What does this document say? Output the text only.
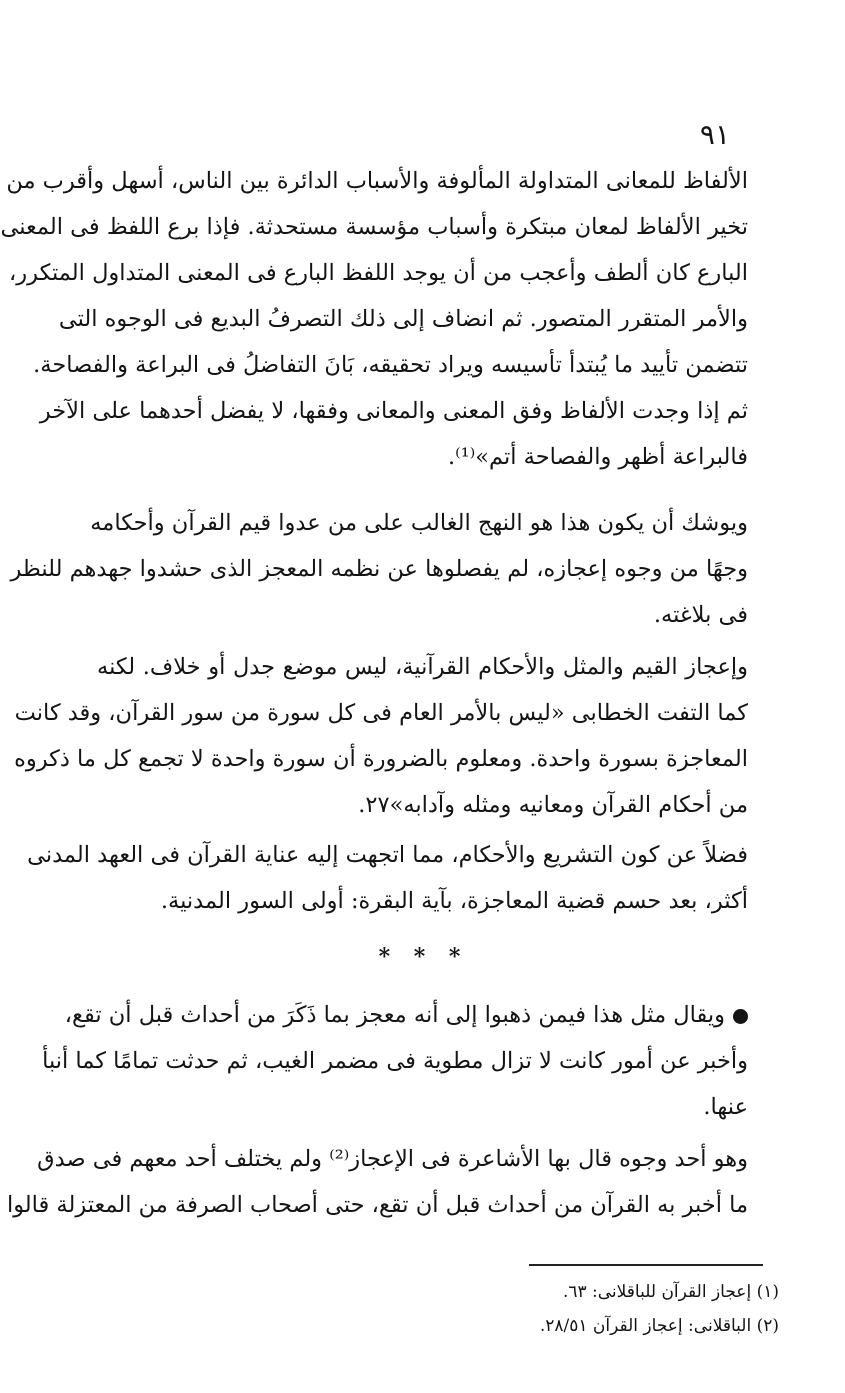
٩١
الألفاظ للمعانى المتداولة المألوفة والأسباب الدائرة بين الناس، أسهل وأقرب من
تخير الألفاظ لمعان مبتكرة وأسباب مؤسسة مستحدثة. فإذا برع اللفظ فى المعنى
البارع كان ألطف وأعجب من أن يوجد اللفظ البارع فى المعنى المتداول المتكرر،
والأمر المتقرر المتصور. ثم انضاف إلى ذلك التصرفُ البديع فى الوجوه التى
تتضمن تأييد ما يُبتدأ تأسيسه ويراد تحقيقه، بَانَ التفاضلُ فى البراعة والفصاحة.
ثم إذا وجدت الألفاظ وفق المعنى والمعانى وفقها، لا يفضل أحدهما على الآخر
فالبراعة أظهر والفصاحة أتم»⁽¹⁾.
ويوشك أن يكون هذا هو النهج الغالب على من عدوا قيم القرآن وأحكامه
وجهًا من وجوه إعجازه، لم يفصلوها عن نظمه المعجز الذى حشدوا جهدهم للنظر
فى بلاغته.
وإعجاز القيم والمثل والأحكام القرآنية، ليس موضع جدل أو خلاف. لكنه
كما التفت الخطابى «ليس بالأمر العام فى كل سورة من سور القرآن، وقد كانت
المعاجزة بسورة واحدة. ومعلوم بالضرورة أن سورة واحدة لا تجمع كل ما ذكروه
من أحكام القرآن ومعانيه ومثله وآدابه»٢٧.
فضلاً عن كون التشريع والأحكام، مما اتجهت إليه عناية القرآن فى العهد المدنى
أكثر، بعد حسم قضية المعاجزة، بآية البقرة: أولى السور المدنية.
* * *
ويقال مثل هذا فيمن ذهبوا إلى أنه معجز بما ذَكَرَ من أحداث قبل أن تقع،
وأخبر عن أمور كانت لا تزال مطوية فى مضمر الغيب، ثم حدثت تمامًا كما أنبأ
عنها.
وهو أحد وجوه قال بها الأشاعرة فى الإعجاز⁽²⁾ ولم يختلف أحد معهم فى صدق
ما أخبر به القرآن من أحداث قبل أن تقع، حتى أصحاب الصرفة من المعتزلة قالوا
(١) إعجاز القرآن للباقلانى: ٦٣.
(٢) الباقلانى: إعجاز القرآن ٢٨/٥١.
